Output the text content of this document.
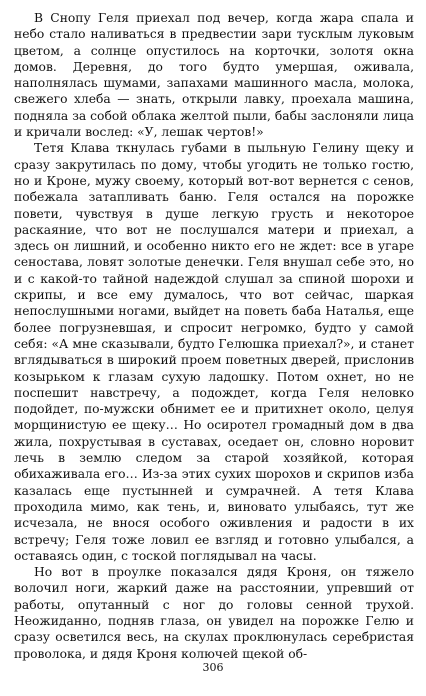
В Снопу Геля приехал под вечер, когда жара спала и небо стало наливаться в предвестии зари тусклым луковым цветом, а солнце опустилось на корточки, золотя окна домов. Деревня, до того будто умершая, оживала, наполнялась шумами, запахами машинного масла, молока, свежего хлеба — знать, открыли лавку, проехала машина, подняла за собой облака желтой пыли, бабы заслоняли лица и кричали вослед: «У, лешак чертов!»

Тетя Клава ткнулась губами в пыльную Гелину щеку и сразу закрутилась по дому, чтобы угодить не только гостю, но и Кроне, мужу своему, который вот-вот вернется с сенов, побежала затапливать баню. Геля остался на порожке повети, чувствуя в душе легкую грусть и некоторое раскаяние, что вот не послушался матери и приехал, а здесь он лишний, и особенно никто его не ждет: все в угаре сеностава, ловят золотые денечки. Геля внушал себе это, но и с какой-то тайной надеждой слушал за спиной шорохи и скрипы, и все ему думалось, что вот сейчас, шаркая непослушными ногами, выйдет на поветь баба Наталья, еще более погрузневшая, и спросит негромко, будто у самой себя: «А мне сказывали, будто Гелюшка приехал?», и станет вглядываться в широкий проем поветных дверей, прислонив козырьком к глазам сухую ладошку. Потом охнет, но не поспешит навстречу, а подождет, когда Геля неловко подойдет, по-мужски обнимет ее и притихнет около, целуя морщинистую ее щеку… Но осиротел громадный дом в два жила, похрустывая в суставах, оседает он, словно норовит лечь в землю следом за старой хозяйкой, которая обихаживала его… Из-за этих сухих шорохов и скрипов изба казалась еще пустынней и сумрачней. А тетя Клава проходила мимо, как тень, и, виновато улыбаясь, тут же исчезала, не внося особого оживления и радости в их встречу; Геля тоже ловил ее взгляд и готовно улыбался, а оставаясь один, с тоской поглядывал на часы.

Но вот в проулке показался дядя Кроня, он тяжело волочил ноги, жаркий даже на расстоянии, упревший от работы, опутанный с ног до головы сенной трухой. Неожиданно, подняв глаза, он увидел на порожке Гелю и сразу осветился весь, на скулах проклюнулась серебристая проволока, и дядя Кроня колючей щекой об-

306
